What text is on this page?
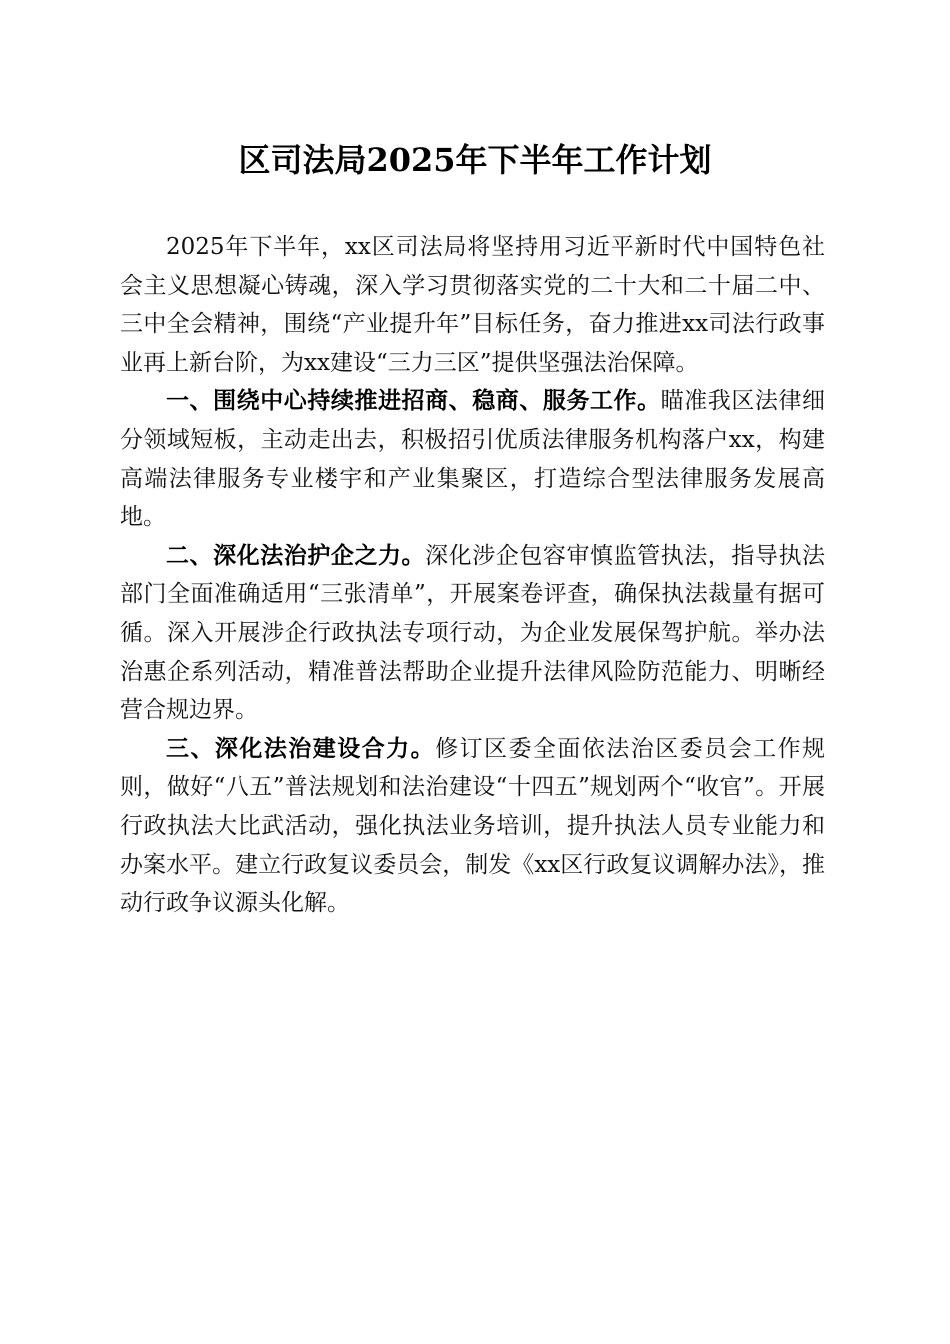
区司法局2025年下半年工作计划

2025年下半年，xx区司法局将坚持用习近平新时代中国特色社会主义思想凝心铸魂，深入学习贯彻落实党的二十大和二十届二中、三中全会精神，围绕“产业提升年”目标任务，奋力推进xx司法行政事业再上新台阶，为xx建设“三力三区”提供坚强法治保障。

一、围绕中心持续推进招商、稳商、服务工作。瞄准我区法律细分领域短板，主动走出去，积极招引优质法律服务机构落户xx，构建高端法律服务专业楼宇和产业集聚区，打造综合型法律服务发展高地。

二、深化法治护企之力。深化涉企包容审慎监管执法，指导执法部门全面准确适用“三张清单”，开展案卷评查，确保执法裁量有据可循。深入开展涉企行政执法专项行动，为企业发展保驾护航。举办法治惠企系列活动，精准普法帮助企业提升法律风险防范能力、明晰经营合规边界。

三、深化法治建设合力。修订区委全面依法治区委员会工作规则，做好“八五”普法规划和法治建设“十四五”规划两个“收官”。开展行政执法大比武活动，强化执法业务培训，提升执法人员专业能力和办案水平。建立行政复议委员会，制发《xx区行政复议调解办法》，推动行政争议源头化解。
